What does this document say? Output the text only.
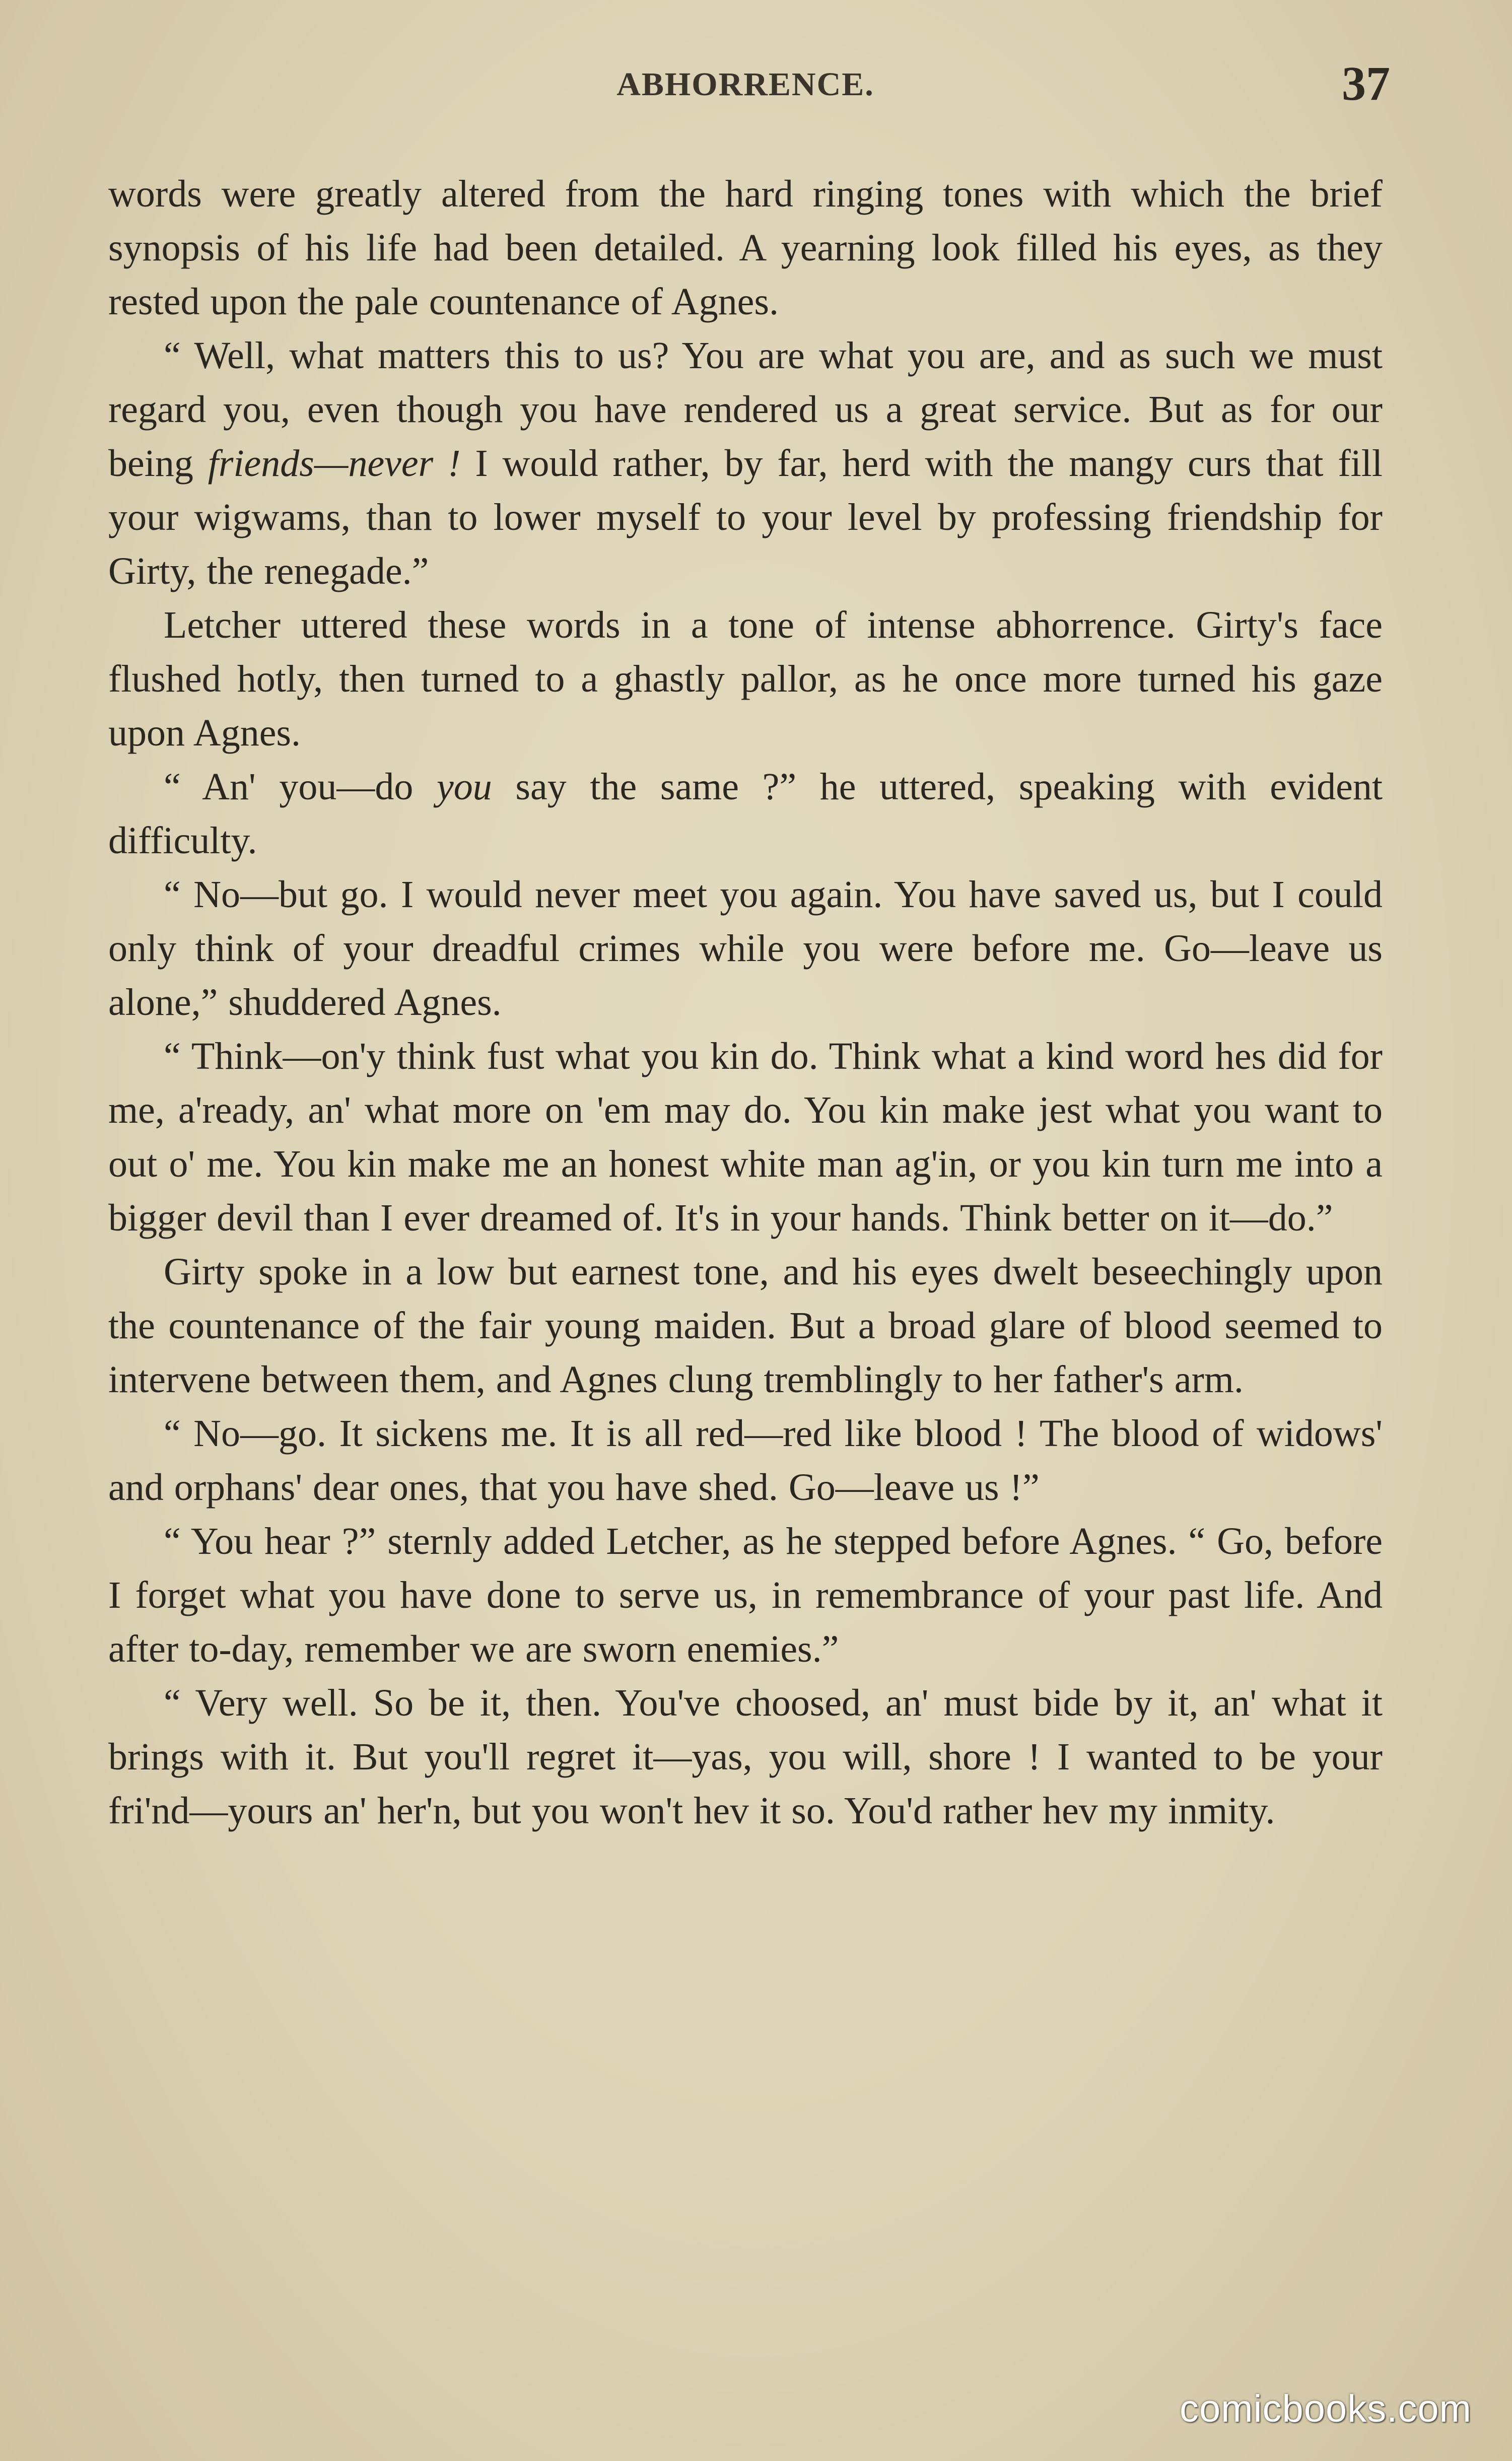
ABHORRENCE.	37

words were greatly altered from the hard ringing tones with which the brief synopsis of his life had been detailed. A yearning look filled his eyes, as they rested upon the pale countenance of Agnes.

“ Well, what matters this to us? You are what you are, and as such we must regard you, even though you have rendered us a great service. But as for our being friends—never ! I would rather, by far, herd with the mangy curs that fill your wigwams, than to lower myself to your level by professing friendship for Girty, the renegade.”

Letcher uttered these words in a tone of intense abhorrence. Girty's face flushed hotly, then turned to a ghastly pallor, as he once more turned his gaze upon Agnes.

“ An' you—do you say the same ?” he uttered, speaking with evident difficulty.

“ No—but go. I would never meet you again. You have saved us, but I could only think of your dreadful crimes while you were before me. Go—leave us alone,” shuddered Agnes.

“ Think—on'y think fust what you kin do. Think what a kind word hes did for me, a'ready, an' what more on 'em may do. You kin make jest what you want to out o' me. You kin make me an honest white man ag'in, or you kin turn me into a bigger devil than I ever dreamed of. It's in your hands. Think better on it—do.”

Girty spoke in a low but earnest tone, and his eyes dwelt beseechingly upon the countenance of the fair young maiden. But a broad glare of blood seemed to intervene between them, and Agnes clung tremblingly to her father's arm.

“ No—go. It sickens me. It is all red—red like blood ! The blood of widows' and orphans' dear ones, that you have shed. Go—leave us !”

“ You hear ?” sternly added Letcher, as he stepped before Agnes. “ Go, before I forget what you have done to serve us, in remembrance of your past life. And after to-day, remember we are sworn enemies.”

“ Very well. So be it, then. You've choosed, an' must bide by it, an' what it brings with it. But you'll regret it—yas, you will, shore ! I wanted to be your fri'nd—yours an' her'n, but you won't hev it so. You'd rather hev my inmity.

comicbooks.com
